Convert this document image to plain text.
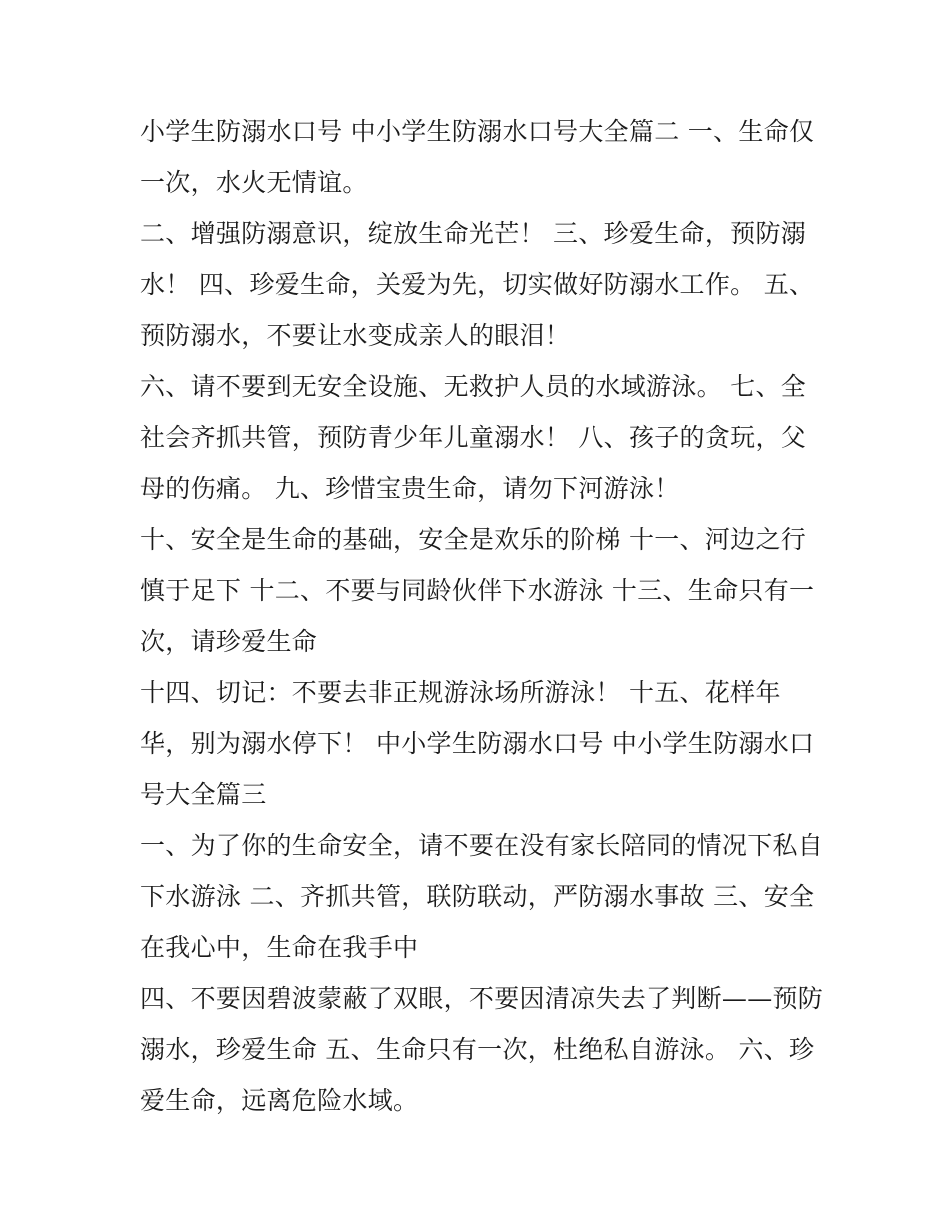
小学生防溺水口号 中小学生防溺水口号大全篇二 一、生命仅
一次，水火无情谊。
二、增强防溺意识，绽放生命光芒！ 三、珍爱生命，预防溺
水！ 四、珍爱生命，关爱为先，切实做好防溺水工作。 五、
预防溺水，不要让水变成亲人的眼泪！
六、请不要到无安全设施、无救护人员的水域游泳。 七、全
社会齐抓共管，预防青少年儿童溺水！ 八、孩子的贪玩，父
母的伤痛。 九、珍惜宝贵生命，请勿下河游泳！
十、安全是生命的基础，安全是欢乐的阶梯 十一、河边之行
慎于足下 十二、不要与同龄伙伴下水游泳 十三、生命只有一
次，请珍爱生命
十四、切记：不要去非正规游泳场所游泳！ 十五、花样年
华，别为溺水停下！ 中小学生防溺水口号 中小学生防溺水口
号大全篇三
一、为了你的生命安全，请不要在没有家长陪同的情况下私自
下水游泳 二、齐抓共管，联防联动，严防溺水事故 三、安全
在我心中，生命在我手中
四、不要因碧波蒙蔽了双眼，不要因清凉失去了判断——预防
溺水，珍爱生命 五、生命只有一次，杜绝私自游泳。 六、珍
爱生命，远离危险水域。
